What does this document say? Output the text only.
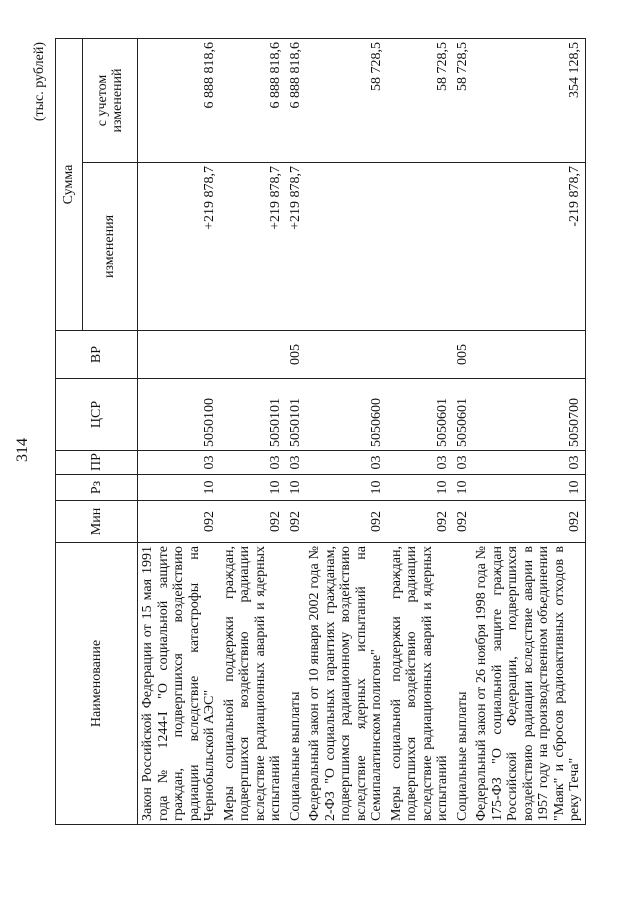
314
(тыс. рублей)
Наименование	Мин	Рз	ПР	ЦСР	ВР	Сумма	
						изменения	с учетом изменений
Закон Российской Федерации от 15 мая 1991 года № 1244-I "О социальной защите граждан, подвергшихся воздействию радиации вследствие катастрофы на Чернобыльской АЭС"	092	10	03	5050100		+219 878,7	6 888 818,6
Меры социальной поддержки граждан, подвергшихся воздействию радиации вследствие радиационных аварий и ядерных испытаний	092	10	03	5050101		+219 878,7	6 888 818,6
Социальные выплаты	092	10	03	5050101	005	+219 878,7	6 888 818,6
Федеральный закон от 10 января 2002 года № 2-ФЗ "О социальных гарантиях гражданам, подвергшимся радиационному воздействию вследствие ядерных испытаний на Семипалатинском полигоне"	092	10	03	5050600			58 728,5
Меры социальной поддержки граждан, подвергшихся воздействию радиации вследствие радиационных аварий и ядерных испытаний	092	10	03	5050601			58 728,5
Социальные выплаты	092	10	03	5050601	005		58 728,5
Федеральный закон от 26 ноября 1998 года № 175-ФЗ "О социальной защите граждан Российской Федерации, подвергшихся воздействию радиации вследствие аварии в 1957 году на производственном объединении "Маяк" и сбросов радиоактивных отходов в реку Теча"	092	10	03	5050700		-219 878,7	354 128,5
